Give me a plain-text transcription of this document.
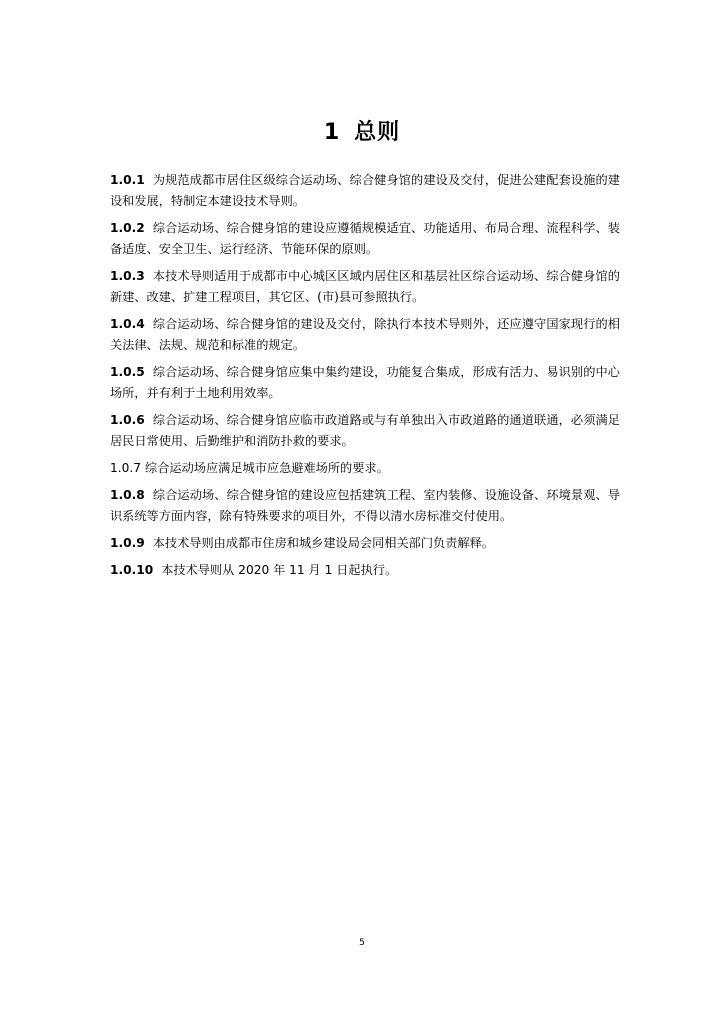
1 总则

1.0.1 为规范成都市居住区级综合运动场、综合健身馆的建设及交付，促进公建配套设施的建设和发展，特制定本建设技术导则。

1.0.2 综合运动场、综合健身馆的建设应遵循规模适宜、功能适用、布局合理、流程科学、装备适度、安全卫生、运行经济、节能环保的原则。

1.0.3 本技术导则适用于成都市中心城区区域内居住区和基层社区综合运动场、综合健身馆的新建、改建、扩建工程项目，其它区、(市)县可参照执行。

1.0.4 综合运动场、综合健身馆的建设及交付，除执行本技术导则外，还应遵守国家现行的相关法律、法规、规范和标准的规定。

1.0.5 综合运动场、综合健身馆应集中集约建设，功能复合集成，形成有活力、易识别的中心场所，并有利于土地利用效率。

1.0.6 综合运动场、综合健身馆应临市政道路或与有单独出入市政道路的通道联通，必须满足居民日常使用、后勤维护和消防扑救的要求。

1.0.7 综合运动场应满足城市应急避难场所的要求。

1.0.8 综合运动场、综合健身馆的建设应包括建筑工程、室内装修、设施设备、环境景观、导识系统等方面内容，除有特殊要求的项目外，不得以清水房标准交付使用。

1.0.9 本技术导则由成都市住房和城乡建设局会同相关部门负责解释。

1.0.10 本技术导则从 2020 年 11 月 1 日起执行。

5
